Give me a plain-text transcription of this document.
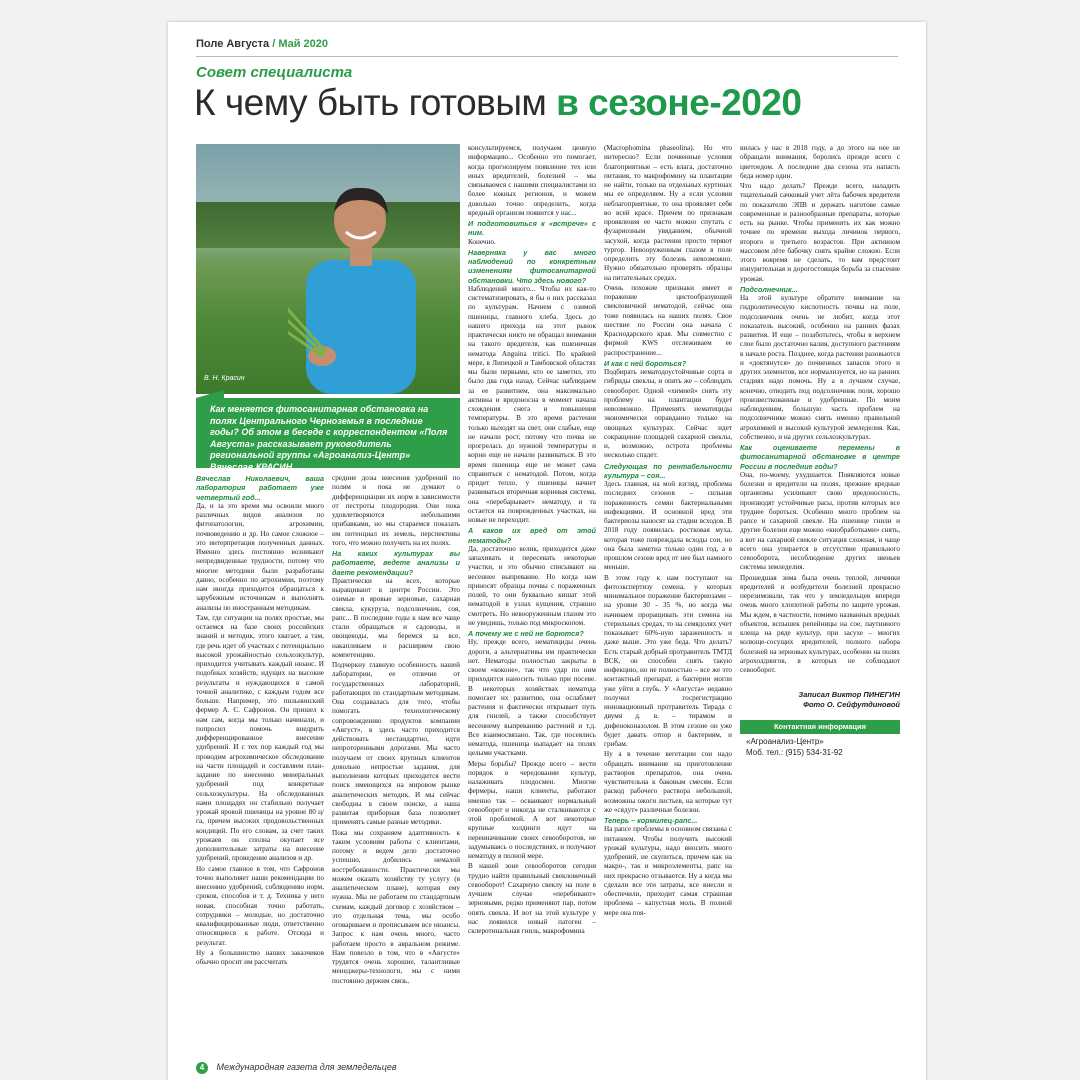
Поле Августа / Май 2020
Совет специалиста
К чему быть готовым в сезоне-2020
В. Н. Красин
Как меняется фитосанитарная обстановка на полях Центрального Черноземья в последние годы? Об этом в беседе с корреспондентом «Поля Августа» рассказывает руководитель региональной группы «Агроанализ-Центр» Вячеслав КРАСИН.
Вячеслав Николаевич, ваша лаборатория работает уже четвертый год...

Да, и за это время мы освоили много различных видов анализов по фитопатологии, агрохимии, почвоведению и др. Но самое сложное – это интерпретация полученных данных. Именно здесь постоянно возникают непредвиденные трудности, потому что многие методики были разработаны давно, особенно по агрохимии, поэтому нам иногда приходится обращаться к зарубежным источникам и выполнять анализы по иностранным методикам.

Там, где ситуации на полях простые, мы остаемся на базе своих российских знаний и методик, этого хватает, а там, где речь идет об участках с потенциально высокой урожайностью сельхозкультур, приходится учитывать каждый нюанс. И подобных хозяйств, идущих на высокие результаты и нуждающихся в самой точной аналитике, с каждым годом все больше. Например, это пильнинский фермер А. С. Сафронов. Он пришел к нам сам, когда мы только начинали, и попросил помочь внедрить дифференцированное внесение удобрений. И с тех пор каждый год мы проводим агрохимическое обследование на части площадей и составляем план-задание по внесению минеральных удобрений под конкретные сельхозкультуры. На обследованных нами площадях он стабильно получает урожай яровой пшеницы на уровне 80 ц/га, причем высоких продовольственных кондиций. По его словам, за счет таких урожаев он сполна окупает все дополнительные затраты на внесение удобрений, проведение анализов и др.

Но самое главное в том, что Сафронов точно выполняет наши рекомендации по внесению удобрений, соблюдению норм, сроков, способов и т. д. Техника у него новая, способная точно работать, сотрудники – молодые, но достаточно квалифицированные люди, ответственно относящиеся к работе. Отсюда и результат.

Ну а большинство наших заказчиков обычно просит им рассчитать

средние дозы внесения удобрений по полям и пока не думают о дифференциации их норм в зависимости от пестроты плодородия. Они пока удовлетворяются небольшими прибавками, но мы стараемся показать им потенциал их земель, перспективы того, что можно получить на их полях.

На каких культурах вы работаете, ведете анализы и даете рекомендации?

Практически на всех, которые выращивают в центре России. Это озимые и яровые зерновые, сахарная свекла, кукуруза, подсолнечник, соя, рапс... В последние годы к нам все чаще стали обращаться и садоводы, и овощеводы, мы беремся за все, накапливаем и расширяем свою компетенцию.

Подчеркну главную особенность нашей лаборатории, ее отличие от государственных лабораторий, работающих по стандартным методикам. Она создавалась для того, чтобы помогать технологическому сопровождению продуктов компании «Август», в здесь часто приходится действовать нестандартно, идти непроторенными дорогами. Мы часто получаем от своих крупных клиентов довольно непростые задания, для выполнения которых приходится вести поиск имеющихся на мировом рынке аналитических методик. И мы сейчас свободны в своем поиске, а наша развитая приборная база позволяет применять самые разные методики.

Пока мы сохраняем адаптивность к таким условиям работы с клиентами, потому и ведем дело достаточно успешно, добились немалой востребованности. Практически мы можем оказать хозяйству ту услугу (в аналитическом плане), которая ему нужна. Мы не работаем по стандартным схемам, каждый договор с хозяйством – это отдельная тема, мы особо оговариваем и прописываем все нюансы. Запрос к нам очень много, часто работаем просто в авральном режиме. Нам повезло в том, что в «Августе» трудятся очень хорошие, талантливые менеджеры-технологи, мы с ними постоянно держим связь,

консультируемся, получаем ценную информацию... Особенно это помогает, когда прогнозируем появление тех или иных вредителей, болезней – мы связываемся с нашими специалистами из более южных регионов, и можем довольно точно определить, когда вредный организм появится у нас...

И подготовиться к «встрече» с ним.

Конечно.

Наверняка у вас много наблюдений по конкретным изменениям фитосанитарной обстановки. Что здесь нового?

Наблюдений много... Чтобы их как-то систематизировать, я бы о них рассказал по культурам. Начнем с озимой пшеницы, главного хлеба. Здесь до нашего прихода на этот рынок практически никто не обращал внимания на такого вредителя, как пшеничная нематода Anguina tritici. По крайней мере, в Липецкой и Тамбовской областях мы были первыми, кто ее заметил, это было два года назад. Сейчас наблюдаем за ее развитием, она максимально активна и вредоносна в момент начала схождения снега и повышения температуры. В это время растения только выходят на свет, они слабые, еще не начали рост, потому что почва не прогрелась до нужной температуры и корни еще не начали развиваться. В это время пшеница еще не может сама справиться с нематодой. Потом, когда придет тепло, у пшеницы начнет развиваться вторичная корневая система, она «перебарывает» нематоду, и та остается на поврежденных участках, на новые не переходит.

А каков их вред от этой нематоды?

Да, достаточно велик, приходится даже запахивать и пересевать некоторые участки, и это обычно списывают на весеннее выпревание. Но когда нам приносят образцы почвы с пораженных полей, то они буквально кишат этой нематодой в узлах кущения, страшно смотреть. Но невооруженным глазом это не увидишь, только под микроскопом.

А почему же с ней не борются?

Ну, прежде всего, нематициды очень дороги, а альтернативы им практически нет. Нематоды полностью закрыты в своем «коконе», так что удар по ним приходится наносить только при посеве. В некоторых хозяйствах нематода помогает их развитию, она ослабляет растения и фактически открывает путь для гнилей, а также способствует весеннему выпреванию растений и т.д. Все взаимосвязано. Так, где посеялись нематода, пшеница выпадает на полях целыми участками.

Меры борьбы? Прежде всего – вести порядок в чередовании культур, налаживать плодосмен. Многие фермеры, наши клиенты, работают именно так – осваивают нормальный севооборот и никогда не сталкиваются с этой проблемой. А вот некоторые крупные холдинги идут на переиначивание своих севооборотов, не задумываясь о последствиях, и получают нематоду в полной мере.

В нашей зоне севооборотов сегодня трудно найти правильный свекловичный севооборот! Сахарную свеклу на поле в лучшем случае «перебивают» зерновыми, редко применяют пар, потом опять свекла. И вот на этой культуре у нас появился новый патоген – склеротинальная гниль, макрофомина

(Macrophomina phaseolina). Но что интересно? Если почвенные условия благоприятные – есть влага, достаточно питания, то макрофомину на плантации не найти, только на отдельных куртинах мы ее определяем. Ну а если условия неблагоприятные, то она проявляет себя во всей красе. Причем по признакам проявления ее часто можно спутать с фузариозным увяданием, обычной засухой, когда растения просто теряют тургор. Невооруженным глазом в поле определить эту болезнь невозможно. Нужно обязательно проверять образцы на питательных средах.

Очень похожие признаки имеет и поражение цистообразующей свекловичной нематодой, сейчас она тоже появилась на наших полях. Свое шествие по России она начала с Краснодарского края. Мы совместно с фирмой KWS отслеживаем ее распространение...

И как с ней бороться?

Подбирать нематодоустойчивые сорта и гибриды свеклы, и опять же – соблюдать севооборот. Одной «химией» снять эту проблему на плантации будет невозможно. Применять нематициды экономически оправданно только на овощных культурах. Сейчас идет сокращение площадей сахарной свеклы, и, возможно, острота проблемы несколько спадет.

Следующая по рентабельности культура – соя...

Здесь главная, на мой взгляд, проблема последних сезонов – сильная пораженность семян бактериальными инфекциями. И основной вред эти бактериозы наносят на стадии всходов. В 2018 году появилась ростковая муха, которая тоже повреждала всходы сои, но она была заметна только один год, а в прошлом сезоне вред от нее был намного меньше.

В этом году к нам поступают на фитоэкспертизу семена, у которых минимальное поражение бактериозами – на уровне 30 - 35 %, но когда мы начинаем проращивать эти семена на стерильных средах, то на семядолях учет показывает 60%-ную зараженность и даже выше. Это уже беда. Что делать? Есть старый добрый протравитель ТМТД ВСК, он способен снять такую инфекцию, но не полностью – все же это контактный препарат, а бактерии могли уже уйти в глубь. У «Августа» недавно получил госрегистрацию инновационный протравитель Тирада с двумя д. в. – тирамом и дифеноконазолом. В этом сезоне он уже будет давать отпор и бактериям, и грибам.

Ну а в течение вегетации сои надо обращать внимание на приготовление растворов препаратов, она очень чувствительна к баковым смесям. Если раскод рабочего раствора небольшой, возможны ожоги листьев, на которые тут же «сядут» различные болезни.

Теперь – кормилец-рапс...

На рапсе проблемы в основном связаны с питанием. Чтобы получить высокий урожай культуры, надо вносить много удобрений, не скупиться, причем как на макро-, так и микроэлементы, рапс на них прекрасно отзывается. Ну а когда мы сделали все эти затраты, все внесли и обеспечили, приходит самая страшная проблема – капустная моль. В полной мере она поя-

вилась у нас в 2018 году, а до этого на нее не обращали внимания, боролись прежде всего с цветоедом. А последние два сезона эта напасть беда номер один.

Что надо делать? Прежде всего, наладить тщательный сачковый учет лёта бабочек вредителя по показателю ЭПВ и держать наготове самые современные и разнообразные препараты, которые есть на рынке. Чтобы применять их как можно точнее по времени выхода личинок первого, второго и третьего возрастов. При активном массовом лёте бабочку снять крайне сложно. Если этого вовремя не сделать, то вам предстоит изнурительная и дорогостоящая борьба за спасение урожая.

Подсолнечник...

На этой культуре обратите внимание на гидролитическую кислотность почвы на поле, подсолнечник очень не любит, когда этот показатель высокий, особенно на ранних фазах развития. И еще – позаботьтесь, чтобы в верхнем слое было достаточно калия, доступного растениям в начале роста. Позднее, когда растения разовьются и «доктянутся» до почвенных запасов этого и других элементов, все нормализуется, но на ранних стадиях надо помочь. Ну а в лучшем случае, конечно, отводить под подсолнечник поля, хорошо произвесткованные и удобренные. По моим наблюдениям, большую часть проблем на подсолнечнике можно снять именно правильной агрохимией и высокой культурой земледелия. Как, собственно, и на других сельхозкультурах.

Как оцениваете перемены в фитосанитарной обстановке в центре России в последние годы?

Она, по-моему, ухудшается. Появляются новые болезни и вредители на полях, прежние вредные организмы усиливают свою вредоносность, производят устойчивые расы, против которых все труднее бороться. Особенно много проблем на рапсе и сахарной свекле. На пшенице гнили и другие болезни еще можно «кнобработками» снять, а вот на сахарной свекле ситуация сложная, и чаще всего она упирается в отсутствие правильного севооборота, несоблюдение других звеньев системы земледелия.

Прошедшая зима была очень теплой, личинки вредителей и возбудители болезней прекрасно перезимовали, так что у земледельцев впереди очень много хлопотной работы по защите урожая. Мы ждем, в частности, помимо названных вредных объектов, вспышек репейницы на сое, паутинного клеща на ряде культур, при засухе – многих колюще-сосущих вредителей, полного набора болезней на зерновых культурах, особенно на полях агрохолдингов, в которых не соблюдают севооборот.

Записал Виктор ПИНЕГИН
Фото О. Сейфутдиновой
Контактная информация
«Агроанализ-Центр»
Моб. тел.: (915) 534-31-92
4 Международная газета для земледельцев
